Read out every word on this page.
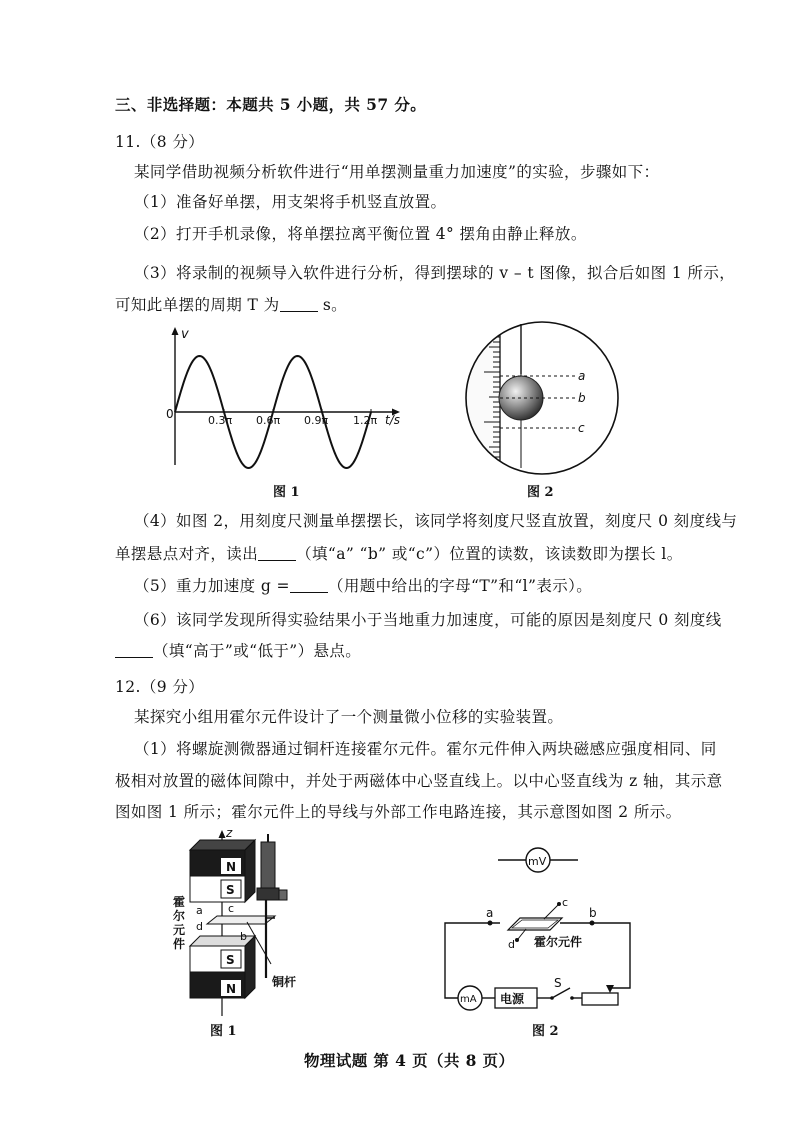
三、非选择题：本题共 5 小题，共 57 分。
11.（8 分）
某同学借助视频分析软件进行“用单摆测量重力加速度”的实验，步骤如下：
（1）准备好单摆，用支架将手机竖直放置。
（2）打开手机录像，将单摆拉离平衡位置 4° 摆角由静止释放。
（3）将录制的视频导入软件进行分析，得到摆球的 v – t 图像，拟合后如图 1 所示，
可知此单摆的周期 T 为 s。
（4）如图 2，用刻度尺测量单摆摆长，该同学将刻度尺竖直放置，刻度尺 0 刻度线与
单摆悬点对齐，读出 （填“a” “b” 或“c”）位置的读数，该读数即为摆长 l。
（5）重力加速度 g = （用题中给出的字母“T”和“l”表示）。
（6）该同学发现所得实验结果小于当地重力加速度，可能的原因是刻度尺 0 刻度线
（填“高于”或“低于”）悬点。
12.（9 分）
某探究小组用霍尔元件设计了一个测量微小位移的实验装置。
（1）将螺旋测微器通过铜杆连接霍尔元件。霍尔元件伸入两块磁感应强度相同、同
极相对放置的磁体间隙中，并处于两磁体中心竖直线上。以中心竖直线为 z 轴，其示意
图如图 1 所示；霍尔元件上的导线与外部工作电路连接，其示意图如图 2 所示。
物理试题 第 4 页（共 8 页）
v
0	0.3π 0.6π 0.9π 1.2π t/s
图 1
a
b
c
图 2
z
N
S
S
N	铜杆
霍
尔
元
件
a c
d
b
图 1
mV
a	b
c
d 霍尔元件
mA 电源
S
图 2
